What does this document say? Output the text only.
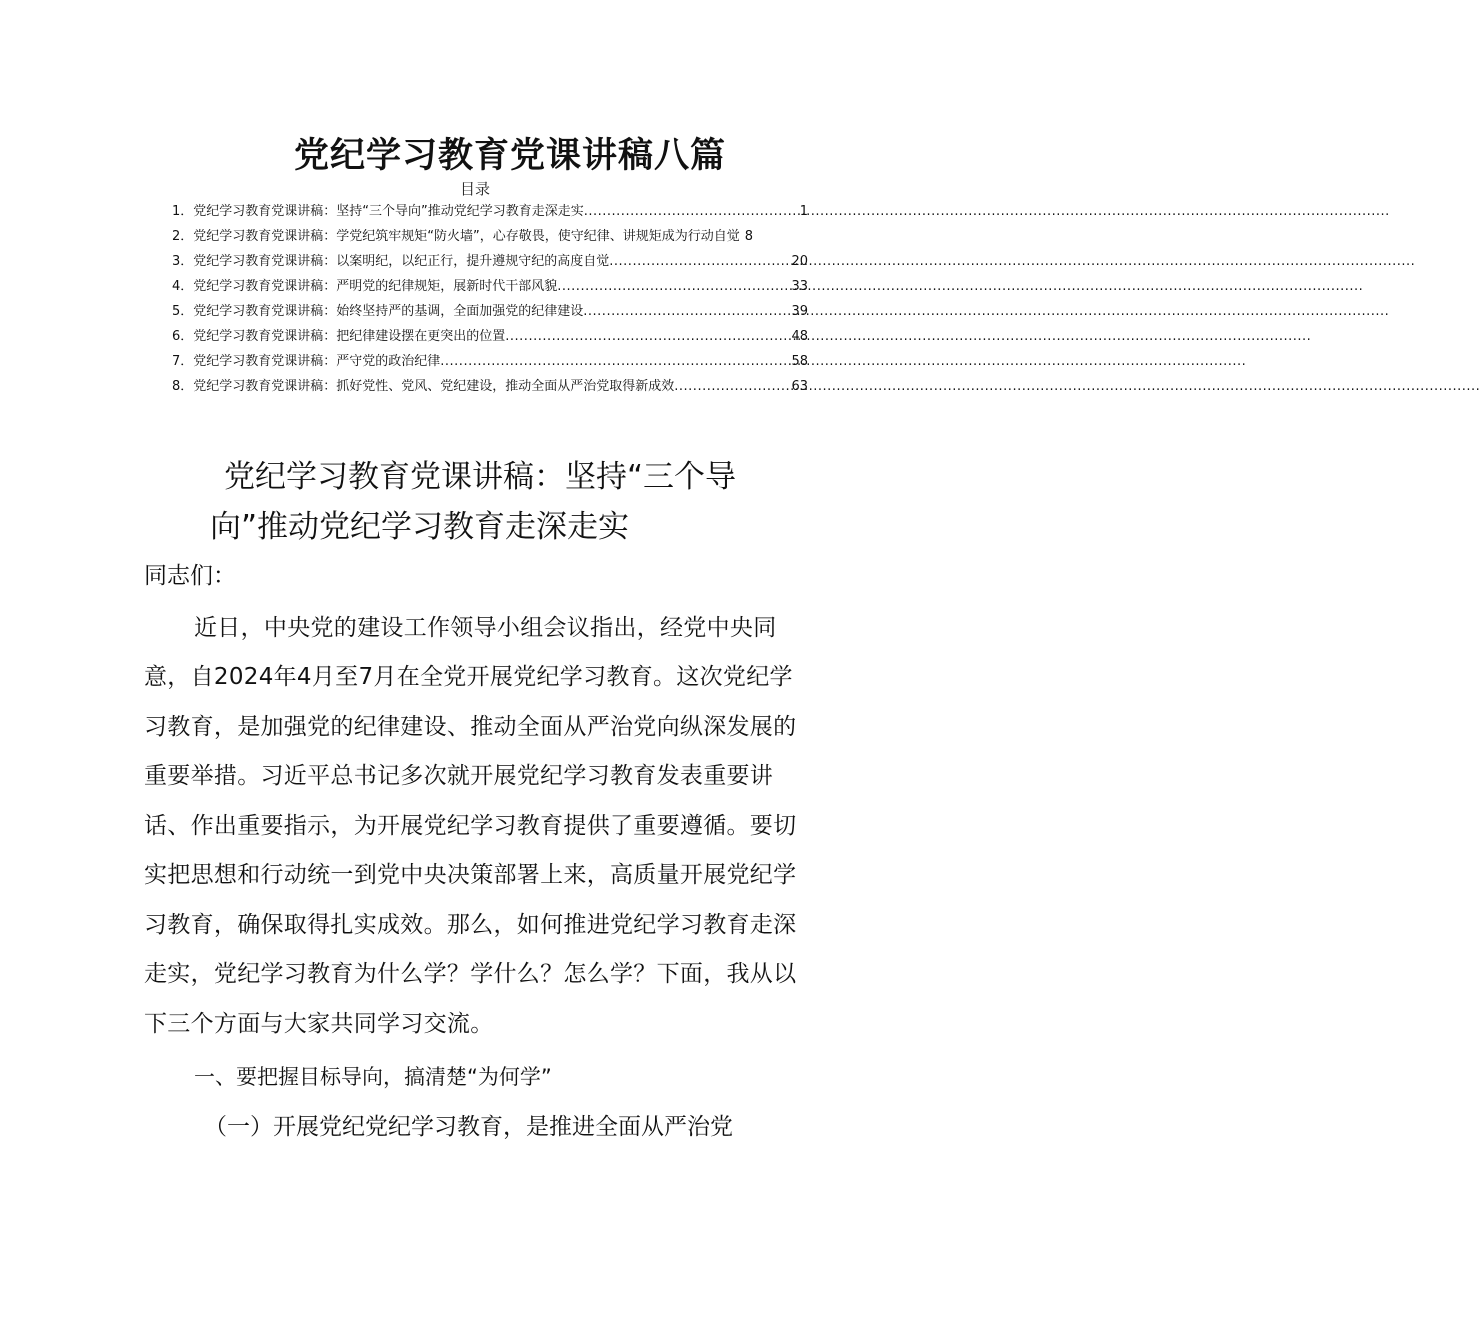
党纪学习教育党课讲稿八篇
目录
1．党纪学习教育党课讲稿：坚持“三个导向”推动党纪学习教育走深走实 .....	1
2．党纪学习教育党课讲稿：学党纪筑牢规矩“防火墙”，心存敬畏，使守纪律、讲规矩成为行动自觉 8
3．党纪学习教育党课讲稿：以案明纪，以纪正行，提升遵规守纪的高度自觉 .....	20
4．党纪学习教育党课讲稿：严明党的纪律规矩，展新时代干部风貌 .....	33
5．党纪学习教育党课讲稿：始终坚持严的基调，全面加强党的纪律建设 .....	39
6．党纪学习教育党课讲稿：把纪律建设摆在更突出的位置 .....	48
7．党纪学习教育党课讲稿：严守党的政治纪律 .....	58
8．党纪学习教育党课讲稿：抓好党性、党风、党纪建设，推动全面从严治党取得新成效 .....	63
党纪学习教育党课讲稿：坚持“三个导向”推动党纪学习教育走深走实

同志们：

近日，中央党的建设工作领导小组会议指出，经党中央同意，自2024年4月至7月在全党开展党纪学习教育。这次党纪学习教育，是加强党的纪律建设、推动全面从严治党向纵深发展的重要举措。习近平总书记多次就开展党纪学习教育发表重要讲话、作出重要指示，为开展党纪学习教育提供了重要遵循。要切实把思想和行动统一到党中央决策部署上来，高质量开展党纪学习教育，确保取得扎实成效。那么，如何推进党纪学习教育走深走实，党纪学习教育为什么学？学什么？怎么学？下面，我从以下三个方面与大家共同学习交流。

一、要把握目标导向，搞清楚“为何学”

（一）开展党纪党纪学习教育，是推进全面从严治党
